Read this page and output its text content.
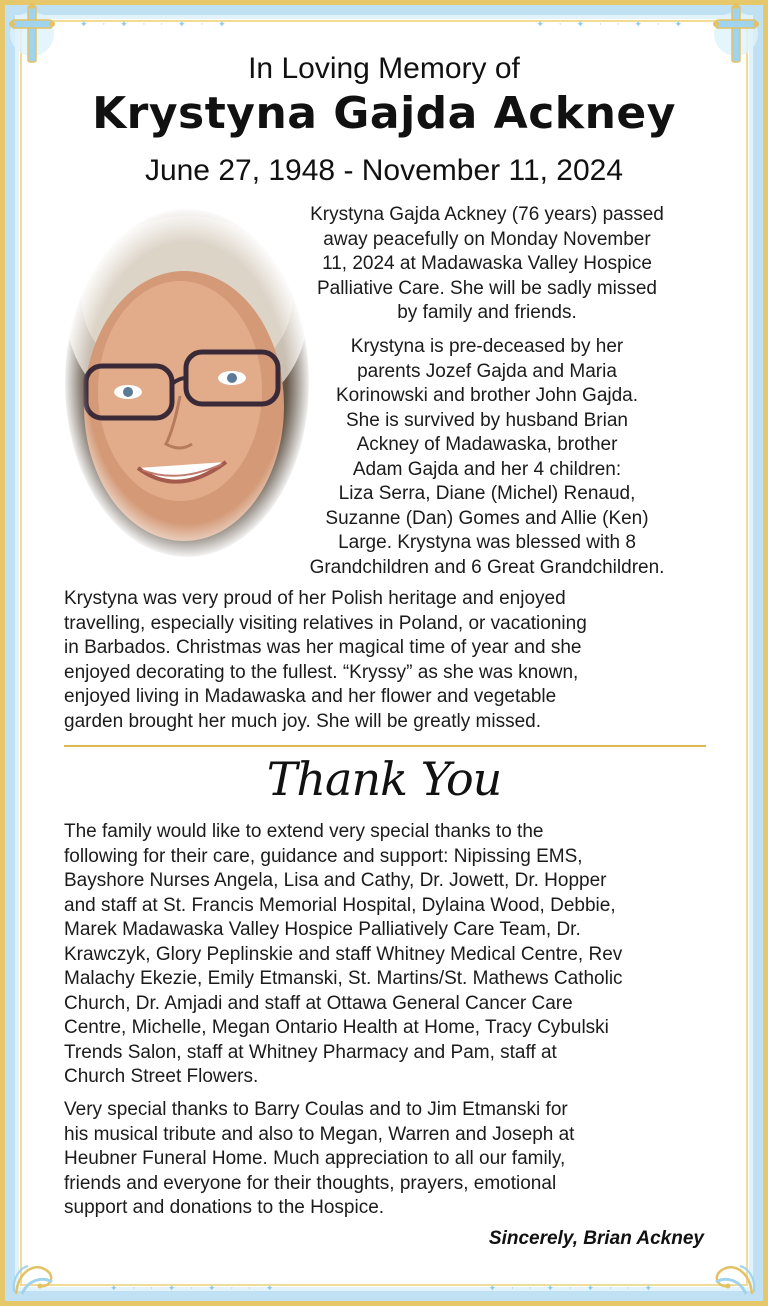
✦ · ✦ · · ✦ · ✦	✦ · ✦ · · ✦ · ✦
✦ · · ✦ · ✦ · · ✦	✦ · · ✦ · ✦ · · ✦
In Loving Memory of
Krystyna Gajda Ackney
June 27, 1948 - November 11, 2024
Krystyna Gajda Ackney (76 years) passed
away peacefully on Monday November
11, 2024 at Madawaska Valley Hospice
Palliative Care. She will be sadly missed
by family and friends.
Krystyna is pre-deceased by her
parents Jozef Gajda and Maria
Korinowski and brother John Gajda.
She is survived by husband Brian
Ackney of Madawaska, brother
Adam Gajda and her 4 children:
Liza Serra, Diane (Michel) Renaud,
Suzanne (Dan) Gomes and Allie (Ken)
Large. Krystyna was blessed with 8
Grandchildren and 6 Great Grandchildren.
Krystyna was very proud of her Polish heritage and enjoyed
travelling, especially visiting relatives in Poland, or vacationing
in Barbados. Christmas was her magical time of year and she
enjoyed decorating to the fullest. “Kryssy” as she was known,
enjoyed living in Madawaska and her flower and vegetable
garden brought her much joy. She will be greatly missed.
Thank You
The family would like to extend very special thanks to the
following for their care, guidance and support: Nipissing EMS,
Bayshore Nurses Angela, Lisa and Cathy, Dr. Jowett, Dr. Hopper
and staff at St. Francis Memorial Hospital, Dylaina Wood, Debbie,
Marek Madawaska Valley Hospice Palliatively Care Team, Dr.
Krawczyk, Glory Peplinskie and staff Whitney Medical Centre, Rev
Malachy Ekezie, Emily Etmanski, St. Martins/St. Mathews Catholic
Church, Dr. Amjadi and staff at Ottawa General Cancer Care
Centre, Michelle, Megan Ontario Health at Home, Tracy Cybulski
Trends Salon, staff at Whitney Pharmacy and Pam, staff at
Church Street Flowers.
Very special thanks to Barry Coulas and to Jim Etmanski for
his musical tribute and also to Megan, Warren and Joseph at
Heubner Funeral Home. Much appreciation to all our family,
friends and everyone for their thoughts, prayers, emotional
support and donations to the Hospice.
Sincerely, Brian Ackney
